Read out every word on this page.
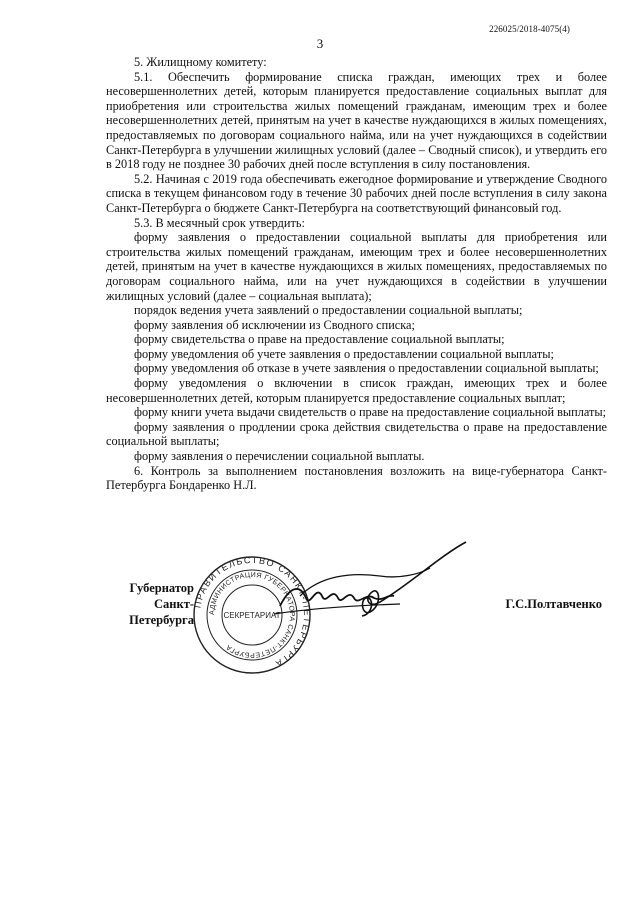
226025/2018-4075(4)
3

5. Жилищному комитету:

5.1. Обеспечить формирование списка граждан, имеющих трех и более несовершеннолетних детей, которым планируется предоставление социальных выплат для приобретения или строительства жилых помещений гражданам, имеющим трех и более несовершеннолетних детей, принятым на учет в качестве нуждающихся в жилых помещениях, предоставляемых по договорам социального найма, или на учет нуждающихся в содействии Санкт-Петербурга в улучшении жилищных условий (далее – Сводный список), и утвердить его в 2018 году не позднее 30 рабочих дней после вступления в силу постановления.

5.2. Начиная с 2019 года обеспечивать ежегодное формирование и утверждение Сводного списка в текущем финансовом году в течение 30 рабочих дней после вступления в силу закона Санкт-Петербурга о бюджете Санкт-Петербурга на соответствующий финансовый год.

5.3. В месячный срок утвердить:

форму заявления о предоставлении социальной выплаты для приобретения или строительства жилых помещений гражданам, имеющим трех и более несовершеннолетних детей, принятым на учет в качестве нуждающихся в жилых помещениях, предоставляемых по договорам социального найма, или на учет нуждающихся в содействии в улучшении жилищных условий (далее – социальная выплата);

порядок ведения учета заявлений о предоставлении социальной выплаты;

форму заявления об исключении из Сводного списка;

форму свидетельства о праве на предоставление социальной выплаты;

форму уведомления об учете заявления о предоставлении социальной выплаты;

форму уведомления об отказе в учете заявления о предоставлении социальной выплаты;

форму уведомления о включении в список граждан, имеющих трех и более несовершеннолетних детей, которым планируется предоставление социальных выплат;

форму книги учета выдачи свидетельств о праве на предоставление социальной выплаты;

форму заявления о продлении срока действия свидетельства о праве на предоставление социальной выплаты;

форму заявления о перечислении социальной выплаты.

6. Контроль за выполнением постановления возложить на вице-губернатора Санкт-Петербурга Бондаренко Н.Л.

ПРАВИТЕЛЬСТВО САНКТ-ПЕТЕРБУРГА
АДМИНИСТРАЦИЯ ГУБЕРНАТОРА САНКТ-ПЕТЕРБУРГА
СЕКРЕТАРИАТ
Губернатор
Санкт-Петербурга
Г.С.Полтавченко
